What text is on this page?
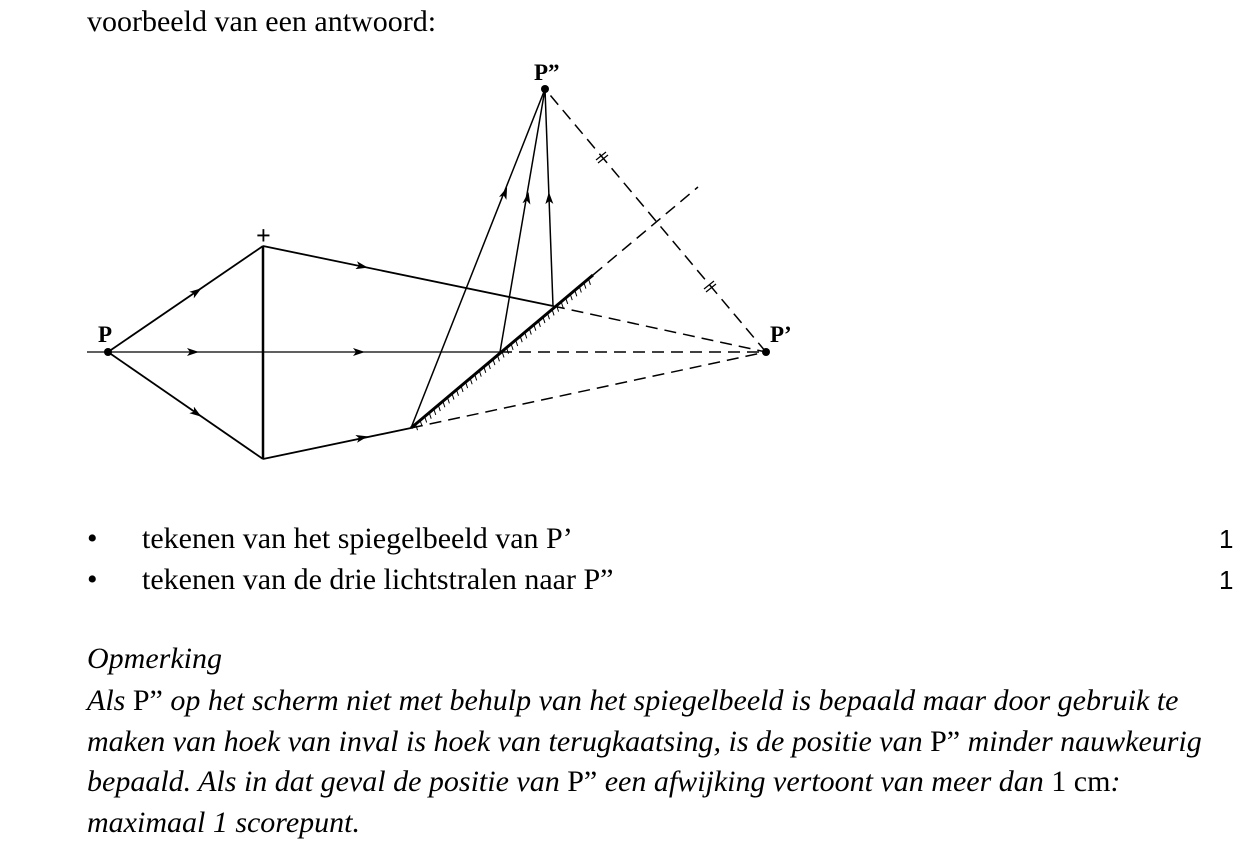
voorbeeld van een antwoord:
P	P’
P”
+
• tekenen van het spiegelbeeld van P’	1
• tekenen van de drie lichtstralen naar P”	1
Opmerking
Als P” op het scherm niet met behulp van het spiegelbeeld is bepaald maar door gebruik te maken van hoek van inval is hoek van terugkaatsing, is de positie van P” minder nauwkeurig bepaald. Als in dat geval de positie van P” een afwijking vertoont van meer dan 1 cm: maximaal 1 scorepunt.
